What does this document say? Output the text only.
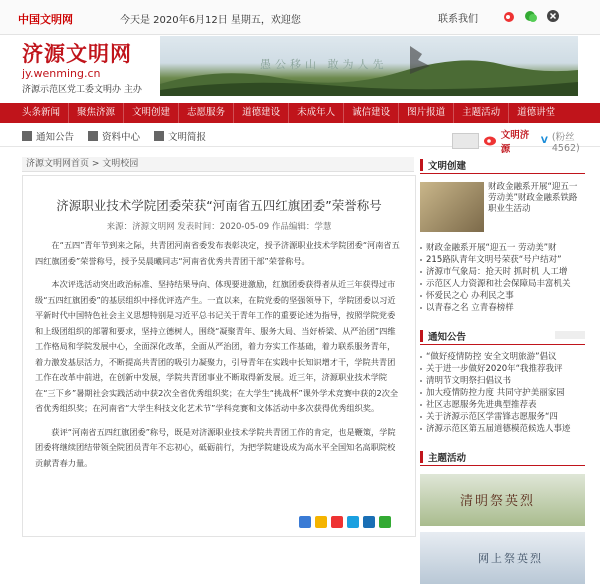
中国文明网	今天是 2020年6月12日 星期五，欢迎您	联系我们
济源文明网
jy.wenming.cn
济源示范区党工委文明办 主办
愚公移山 敢为人先
头条新闻	聚焦济源	文明创建	志愿服务	道德建设	未成年人	诚信建设	图片报道	主题活动	道德讲堂
通知公告	资料中心	文明简报	文明济源
V (粉丝4562)
济源文明网首页 > 文明校园
济源职业技术学院团委荣获“河南省五四红旗团委”荣誉称号
来源：济源文明网 发表时间：2020-05-09 作品编辑：学慧

在“五四”青年节到来之际，共青团河南省委发布表彰决定，授予济源职业技术学院团委“河南省五四红旗团委”荣誉称号，授予吴晨曦同志“河南省优秀共青团干部”荣誉称号。

本次评选活动突出政治标准、坚持结果导向、体现要进激励，红旗团委获得者从近三年获得过市级“五四红旗团委”的基层组织中择优评选产生。一直以来，在院党委的坚强领导下，学院团委以习近平新时代中国特色社会主义思想特别是习近平总书记关于青年工作的重要论述为指导，按照学院党委和上级团组织的部署和要求，坚持立德树人，围绕“凝聚青年、服务大局、当好桥梁、从严治团”四维工作格局和学院发展中心，全面深化改革，全面从严治团，着力夯实工作基础，着力联系服务青年，着力激发基层活力，不断提高共青团的吸引力凝聚力，引导青年在实践中长知识增才干，学院共青团工作在改革中前进，在创新中发展，学院共青团事业不断取得新发展。近三年，济源职业技术学院在“三下乡”暑期社会实践活动中获2次全省优秀组织奖；在大学生“挑战杯”课外学术竞赛中获的2次全省优秀组织奖；在河南省“大学生科技文化艺术节”学科竞赛和文体活动中多次获得优秀组织奖。

获评“河南省五四红旗团委”称号，既是对济源职业技术学院共青团工作的肯定，也是鞭策，学院团委将继续团结带领全院团员青年不忘初心，砥砺前行，为把学院建设成为高水平全国知名高职院校贡献青春力量。

文明创建
财政金融系开展“迎五一 劳动美”财政金融系铁路职业生活动
财政金融系开展“迎五一 劳动美”财
215路队青年文明号荣获“号户结对”
济源市气象局：抢天时 抓时机 人工增
示范区人力资源和社会保障局丰富机关
怀爱民之心 办利民之事
以青春之名 立青春榜样
通知公告
“做好疫情防控 安全文明旅游”倡议
关于进一步做好2020年“我推荐我评
清明节文明祭扫倡议书
加大疫情防控力度 共同守护美丽家园
社区志愿服务先进典型推荐表
关于济源示范区学雷锋志愿服务“四
济源示范区第五届道德模范候选人事迹
主题活动
清明祭英烈
网上祭英烈
